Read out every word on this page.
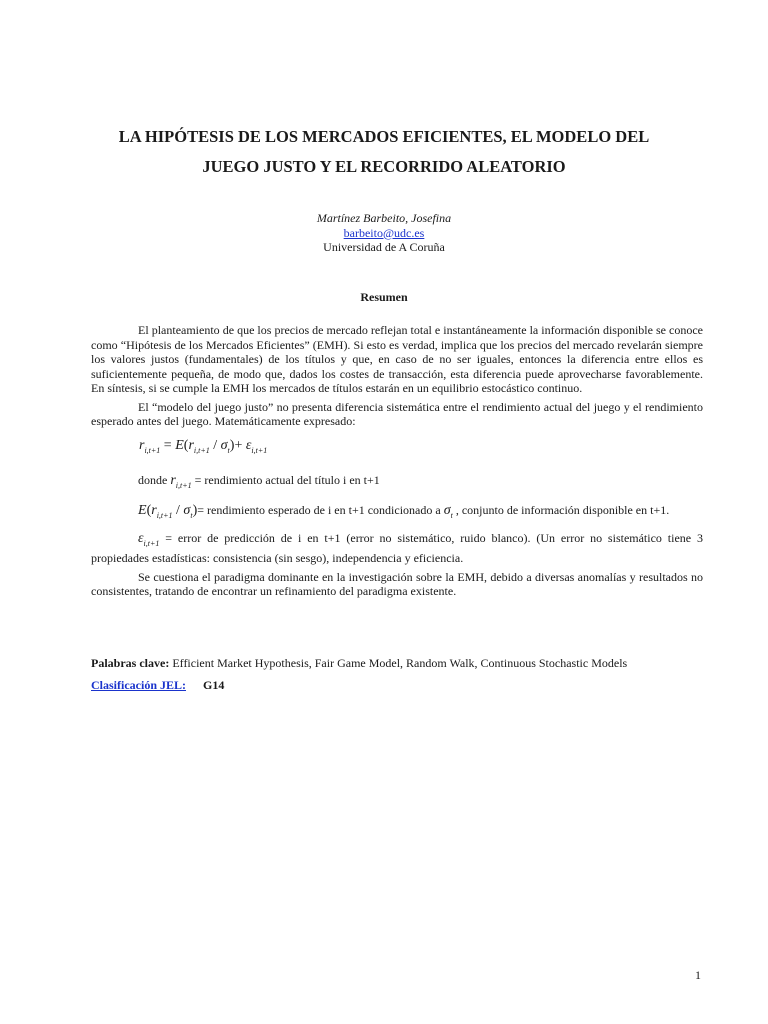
LA HIPÓTESIS DE LOS MERCADOS EFICIENTES, EL MODELO DEL
JUEGO JUSTO Y EL RECORRIDO ALEATORIO
Martínez Barbeito, Josefina
barbeito@udc.es
Universidad de A Coruña
Resumen

El planteamiento de que los precios de mercado reflejan total e instantáneamente la información disponible se conoce como “Hipótesis de los Mercados Eficientes” (EMH). Si esto es verdad, implica que los precios del mercado revelarán siempre los valores justos (fundamentales) de los títulos y que, en caso de no ser iguales, entonces la diferencia entre ellos es suficientemente pequeña, de modo que, dados los costes de transacción, esta diferencia puede aprovecharse favorablemente. En síntesis, si se cumple la EMH los mercados de títulos estarán en un equilibrio estocástico continuo.

El “modelo del juego justo” no presenta diferencia sistemática entre el rendimiento actual del juego y el rendimiento esperado antes del juego. Matemáticamente expresado:

$r_{i,t+1} = E(r_{i,t+1} / \sigma_t)+ \varepsilon_{i,t+1}$
donde $r_{i,t+1}$ = rendimiento actual del título i en t+1
$E(r_{i,t+1} / \sigma_t)=$ rendimiento esperado de i en t+1 condicionado a $\sigma_t$ , conjunto de información disponible en t+1.
$\varepsilon_{i,t+1}$ = error de predicción de i en t+1 (error no sistemático, ruido blanco). (Un error no sistemático tiene 3 propiedades estadísticas: consistencia (sin sesgo), independencia y eficiencia.

Se cuestiona el paradigma dominante en la investigación sobre la EMH, debido a diversas anomalías y resultados no consistentes, tratando de encontrar un refinamiento del paradigma existente.

Palabras clave: Efficient Market Hypothesis, Fair Game Model, Random Walk, Continuous Stochastic Models
Clasificación JEL: G14
1
